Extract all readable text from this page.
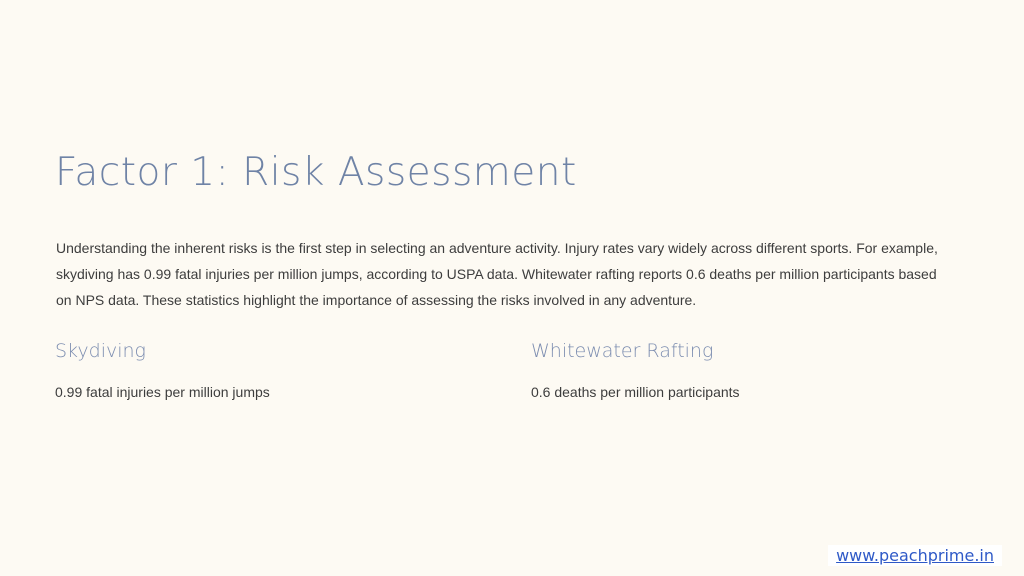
Factor 1: Risk Assessment

Understanding the inherent risks is the first step in selecting an adventure activity. Injury rates vary widely across different sports. For example, skydiving has 0.99 fatal injuries per million jumps, according to USPA data. Whitewater rafting reports 0.6 deaths per million participants based on NPS data. These statistics highlight the importance of assessing the risks involved in any adventure.

Skydiving

0.99 fatal injuries per million jumps

Whitewater Rafting

0.6 deaths per million participants

www.peachprime.in
